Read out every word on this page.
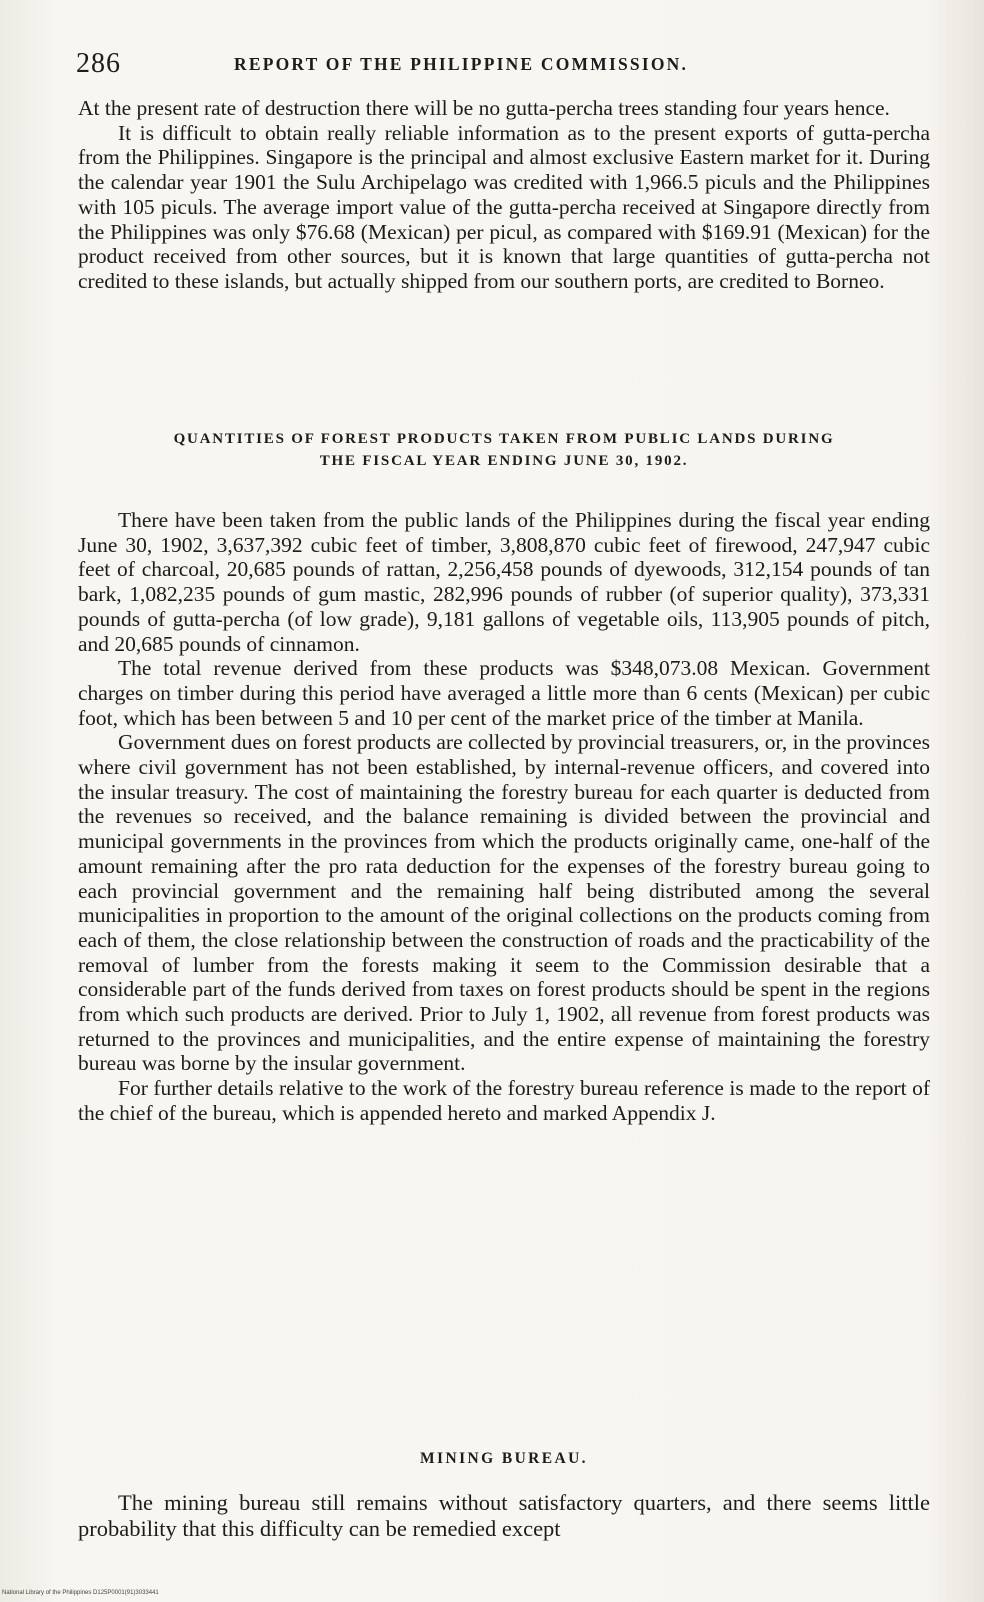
286	REPORT OF THE PHILIPPINE COMMISSION.

At the present rate of destruction there will be no gutta-percha trees standing four years hence.

It is difficult to obtain really reliable information as to the present exports of gutta-percha from the Philippines. Singapore is the principal and almost exclusive Eastern market for it. During the calendar year 1901 the Sulu Archipelago was credited with 1,966.5 piculs and the Philippines with 105 piculs. The average import value of the gutta-percha received at Singapore directly from the Philippines was only $76.68 (Mexican) per picul, as compared with $169.91 (Mexican) for the product received from other sources, but it is known that large quantities of gutta-percha not credited to these islands, but actually shipped from our southern ports, are credited to Borneo.

QUANTITIES OF FOREST PRODUCTS TAKEN FROM PUBLIC LANDS DURING
THE FISCAL YEAR ENDING JUNE 30, 1902.

There have been taken from the public lands of the Philippines during the fiscal year ending June 30, 1902, 3,637,392 cubic feet of timber, 3,808,870 cubic feet of firewood, 247,947 cubic feet of charcoal, 20,685 pounds of rattan, 2,256,458 pounds of dyewoods, 312,154 pounds of tan bark, 1,082,235 pounds of gum mastic, 282,996 pounds of rubber (of superior quality), 373,331 pounds of gutta-percha (of low grade), 9,181 gallons of vegetable oils, 113,905 pounds of pitch, and 20,685 pounds of cinnamon.

The total revenue derived from these products was $348,073.08 Mexican. Government charges on timber during this period have averaged a little more than 6 cents (Mexican) per cubic foot, which has been between 5 and 10 per cent of the market price of the timber at Manila.

Government dues on forest products are collected by provincial treasurers, or, in the provinces where civil government has not been established, by internal-revenue officers, and covered into the insular treasury. The cost of maintaining the forestry bureau for each quarter is deducted from the revenues so received, and the balance remaining is divided between the provincial and municipal governments in the provinces from which the products originally came, one-half of the amount remaining after the pro rata deduction for the expenses of the forestry bureau going to each provincial government and the remaining half being distributed among the several municipalities in proportion to the amount of the original collections on the products coming from each of them, the close relationship between the construction of roads and the practicability of the removal of lumber from the forests making it seem to the Commission desirable that a considerable part of the funds derived from taxes on forest products should be spent in the regions from which such products are derived. Prior to July 1, 1902, all revenue from forest products was returned to the provinces and municipalities, and the entire expense of maintaining the forestry bureau was borne by the insular government.

For further details relative to the work of the forestry bureau reference is made to the report of the chief of the bureau, which is appended hereto and marked Appendix J.

MINING BUREAU.

The mining bureau still remains without satisfactory quarters, and there seems little probability that this difficulty can be remedied except

National Library of the Philippines D125P0001(91)3033441
